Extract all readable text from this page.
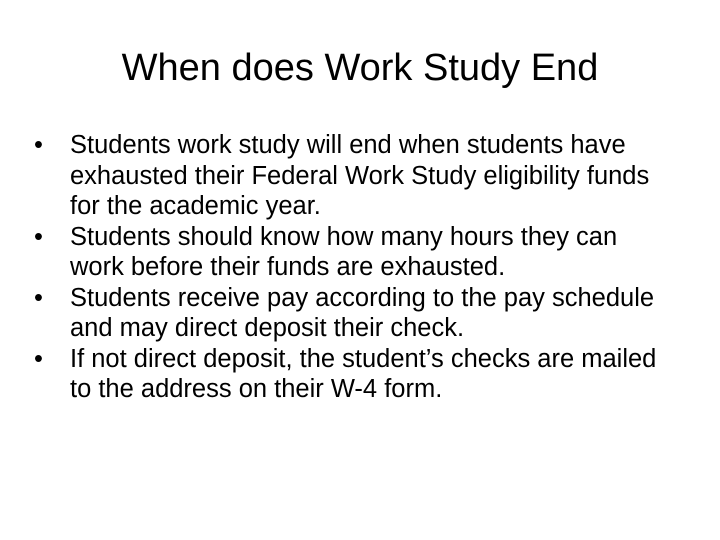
When does Work Study End
•	Students work study will end when students have exhausted their Federal Work Study eligibility funds for the academic year.
•	Students should know how many hours they can work before their funds are exhausted.
•	Students receive pay according to the pay schedule and may direct deposit their check.
•	If not direct deposit, the student’s checks are mailed to the address on their W-4 form.
